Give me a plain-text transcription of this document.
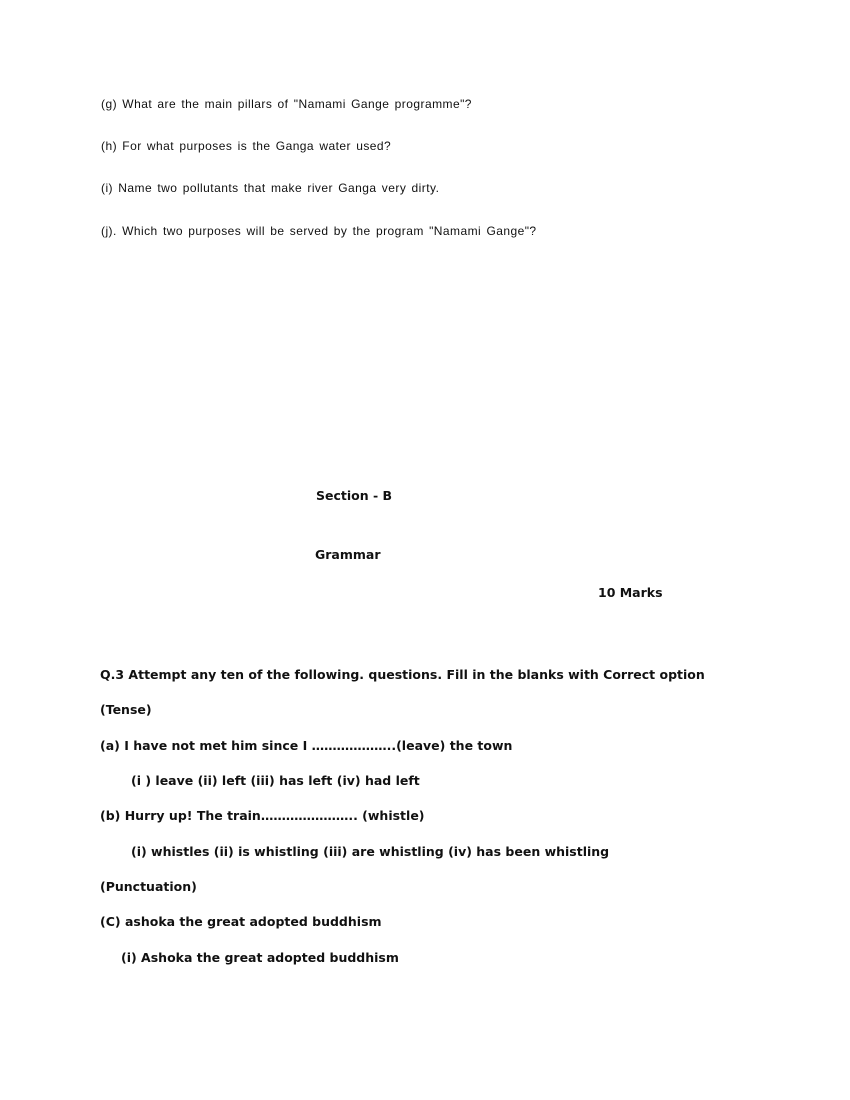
(g) What are the main pillars of "Namami Gange programme"?
(h) For what purposes is the Ganga water used?
(i) Name two pollutants that make river Ganga very dirty.
(j). Which two purposes will be served by the program "Namami Gange"?
Section - B
Grammar
10 Marks
Q.3 Attempt any ten of the following. questions. Fill in the blanks with Correct option
(Tense)
(a) I have not met him since I ………………..(leave) the town
(i ) leave (ii) left (iii) has left (iv) had left
(b) Hurry up! The train………………….. (whistle)
(i) whistles (ii) is whistling (iii) are whistling (iv) has been whistling
(Punctuation)
(C) ashoka the great adopted buddhism
(i) Ashoka the great adopted buddhism
